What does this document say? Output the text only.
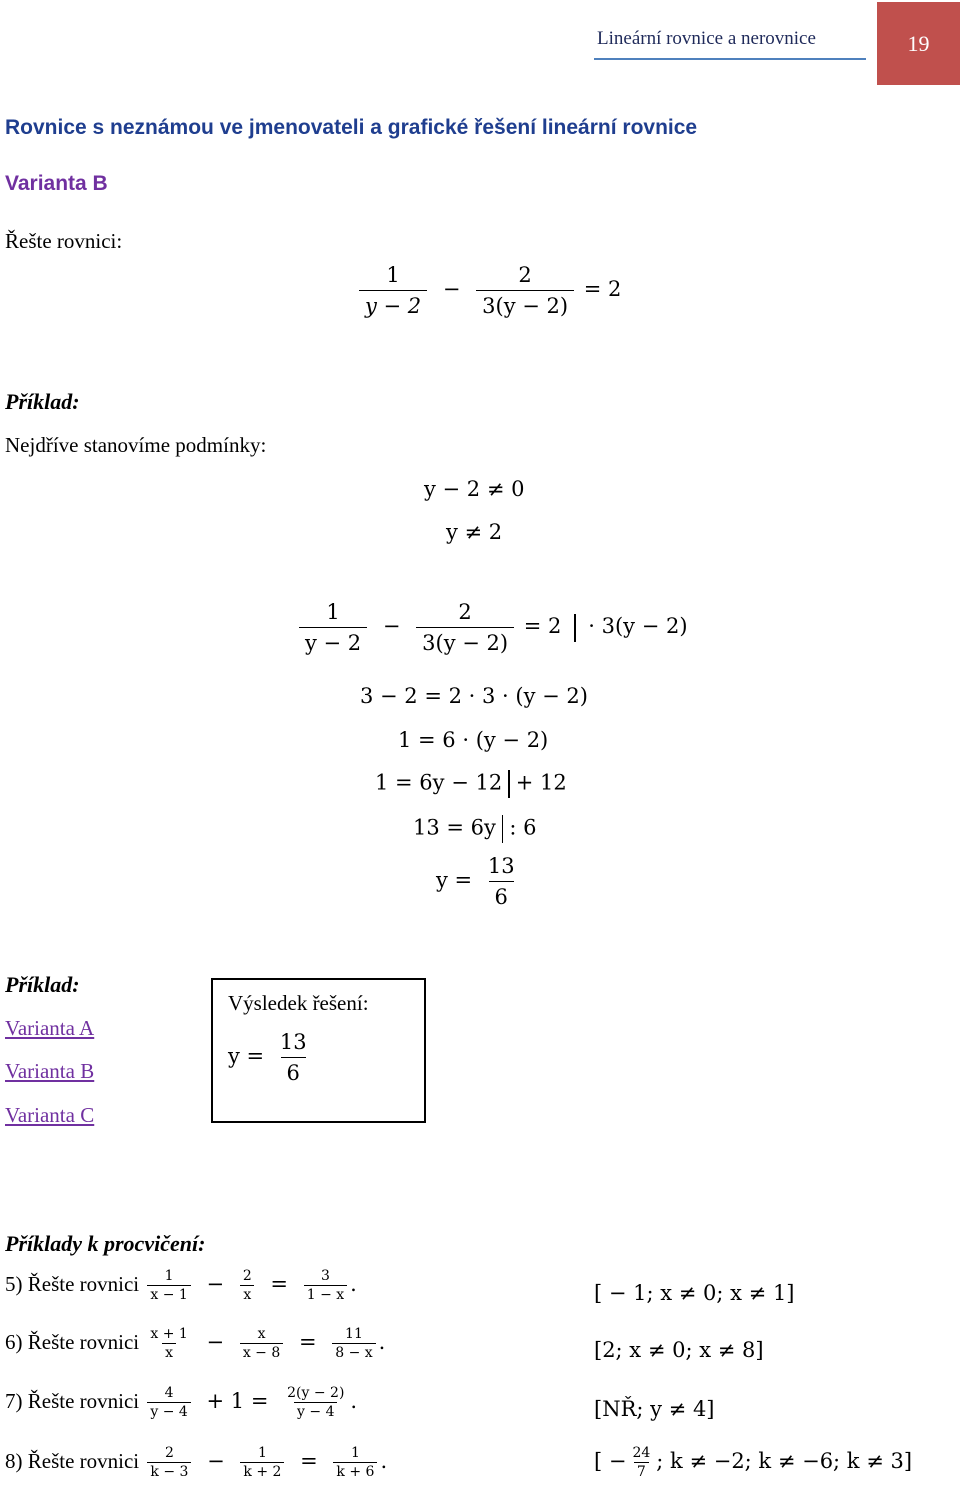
Lineární rovnice a nerovnice	19
Rovnice s neznámou ve jmenovateli a grafické řešení lineární rovnice
Varianta B
Řešte rovnici:
$\frac{1}{y - 2} - \frac{2}{3(y - 2)} = 2$
Příklad:
Nejdříve stanovíme podmínky:
y − 2 ≠ 0
y ≠ 2
$\frac{1}{y - 2} - \frac{2}{3(y - 2)} = 2 \cdot 3(y - 2)$
3 − 2 = 2 · 3 · (y − 2)
1 = 6 · (y − 2)
1 = 6y − 12 + 12
13 = 6y : 6
$y = \frac{13}{6}$
Příklad:
Varianta A
Varianta B
Varianta C
Výsledek řešení:
$y = \frac{13}{6}$
Příklady k procvičení:
5) Řešte rovnici $\frac{1}{x - 1} - \frac{2}{x} = \frac{3}{1 - x}$ .	[ − 1; x ≠ 0; x ≠ 1]
6) Řešte rovnici $\frac{x + 1}{x} - \frac{x}{x - 8} = \frac{11}{8 - x}$ .	[2; x ≠ 0; x ≠ 8]
7) Řešte rovnici $\frac{4}{y - 4} + 1 = \frac{2(y - 2)}{y - 4}$ .	[NŘ; y ≠ 4]
8) Řešte rovnici $\frac{2}{k - 3} - \frac{1}{k + 2} = \frac{1}{k + 6}$ .	[ − $\frac{24}{7}$ ; k ≠ −2; k ≠ −6; k ≠ 3]
